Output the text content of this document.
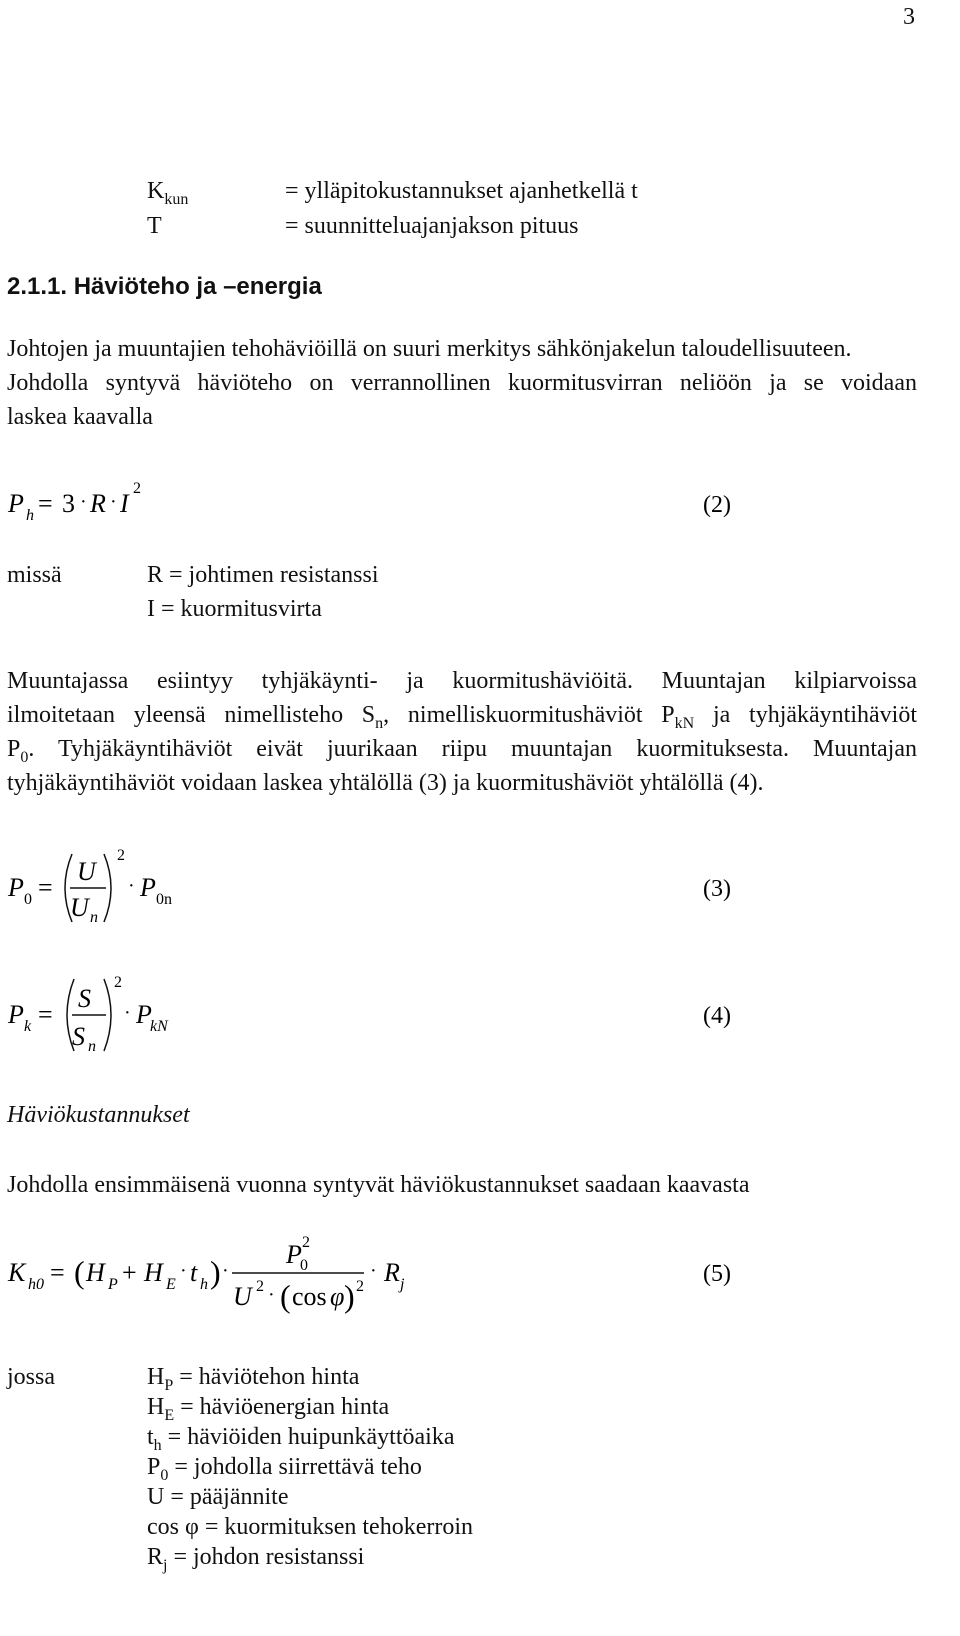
3
$K_{kun}$	= ylläpitokustannukset ajanhetkellä t
T	= suunnitteluajanjakson pituus
2.1.1. Häviöteho ja –energia
Johtojen ja muuntajien tehohäviöillä on suuri merkitys sähkönjakelun taloudellisuuteen.
Johdolla syntyvä häviöteho on verrannollinen kuormitusvirran neliöön ja se voidaan
laskea kaavalla
P h = 3 · R · I
2
(2)
missä	R = johtimen resistanssi
I = kuormitusvirta
Muuntajassa esiintyy tyhjäkäynti- ja kuormitushäviöitä. Muuntajan kilpiarvoissa
ilmoitetaan yleensä nimellisteho $S_n$, nimelliskuormitushäviöt $P_{kN}$ ja tyhjäkäyntihäviöt
$P_0$. Tyhjäkäyntihäviöt eivät juurikaan riipu muuntajan kuormituksesta. Muuntajan
tyhjäkäyntihäviöt voidaan laskea yhtälöllä (3) ja kuormitushäviöt yhtälöllä (4).
P 0 =
U
U n
2
· P 0n	(3)
P k =
S
S n
2
· P
kN	(4)
Häviökustannukset
Johdolla ensimmäisenä vuonna syntyvät häviökustannukset saadaan kaavasta
K h0 = ( H P + H E
· t h ) ·
P
0
2
U 2 · ( cos φ ) 2
· R j	(5)
jossa	$H_P$ = häviötehon hinta
$H_E$ = häviöenergian hinta
$t_h$ = häviöiden huipunkäyttöaika
$P_0$ = johdolla siirrettävä teho
U = pääjännite
cos φ = kuormituksen tehokerroin
$R_j$ = johdon resistanssi
